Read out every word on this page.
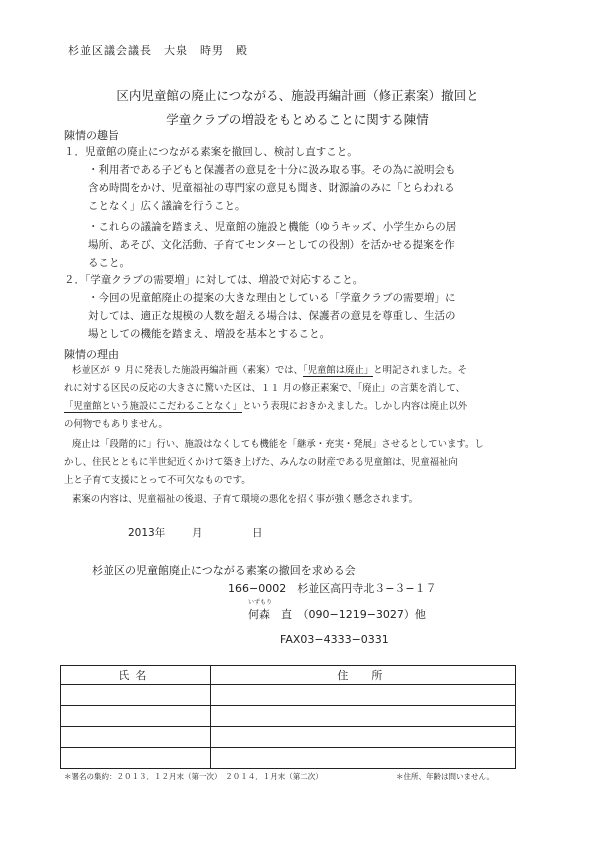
杉並区議会議長　大泉　時男　殿
区内児童館の廃止につながる、施設再編計画（修正素案）撤回と
学童クラブの増設をもとめることに関する陳情
陳情の趣旨
１．児童館の廃止につながる素案を撤回し、検討し直すこと。
・利用者である子どもと保護者の意見を十分に汲み取る事。その為に説明会も
含め時間をかけ、児童福祉の専門家の意見も聞き、財源論のみに「とらわれる
ことなく」広く議論を行うこと。
・これらの議論を踏まえ、児童館の施設と機能（ゆうキッズ、小学生からの居
場所、あそび、文化活動、子育てセンターとしての役割）を活かせる提案を作
ること。
２．「学童クラブの需要増」に対しては、増設で対応すること。
・今回の児童館廃止の提案の大きな理由としている「学童クラブの需要増」に
対しては、適正な規模の人数を超える場合は、保護者の意見を尊重し、生活の
場としての機能を踏まえ、増設を基本とすること。
陳情の理由
杉並区が ９ 月に発表した施設再編計画（素案）では、「児童館は廃止」と明記されました。そ
れに対する区民の反応の大きさに驚いた区は、１１ 月の修正素案で、「廃止」の言葉を消して、
「児童館という施設にこだわることなく」という表現におきかえました。しかし内容は廃止以外
の何物でもありません。
廃止は「段階的に」行い、施設はなくしても機能を「継承・充実・発展」させるとしています。し
かし、住民とともに半世紀近くかけて築き上げた、みんなの財産である児童館は、児童福祉向
上と子育て支援にとって不可欠なものです。
素案の内容は、児童福祉の後退、子育て環境の悪化を招く事が強く懸念されます。
2013年	月	日
杉並区の児童館廃止につながる素案の撤回を求める会
166−0002　杉並区高円寺北３−３−１７
いずもり
何森　直　（090−1219−3027）他
FAX03−4333−0331
氏名	住　所

＊署名の集約：２０１３．１２月末（第一次）　２０１４．１月末（第二次）	＊住所、年齢は問いません。
